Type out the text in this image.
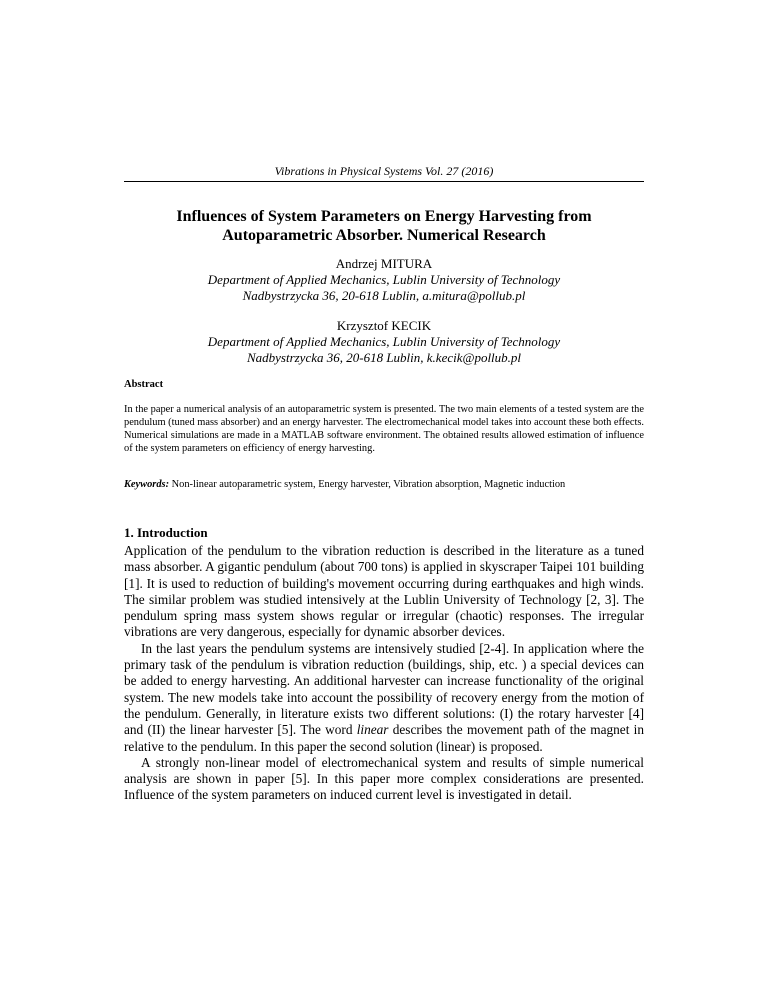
Vibrations in Physical Systems Vol. 27 (2016)
Influences of System Parameters on Energy Harvesting from
Autoparametric Absorber. Numerical Research
Andrzej MITURA
Department of Applied Mechanics, Lublin University of Technology
Nadbystrzycka 36, 20-618 Lublin, a.mitura@pollub.pl
Krzysztof KECIK
Department of Applied Mechanics, Lublin University of Technology
Nadbystrzycka 36, 20-618 Lublin, k.kecik@pollub.pl
Abstract
In the paper a numerical analysis of an autoparametric system is presented. The two main elements of a tested system are the pendulum (tuned mass absorber) and an energy harvester. The electromechanical model takes into account these both effects. Numerical simulations are made in a MATLAB software environment. The obtained results allowed estimation of influence of the system parameters on efficiency of energy harvesting.
Keywords: Non-linear autoparametric system, Energy harvester, Vibration absorption, Magnetic induction
1. Introduction

Application of the pendulum to the vibration reduction is described in the literature as a tuned mass absorber. A gigantic pendulum (about 700 tons) is applied in skyscraper Taipei 101 building [1]. It is used to reduction of building's movement occurring during earthquakes and high winds. The similar problem was studied intensively at the Lublin University of Technology [2, 3]. The pendulum spring mass system shows regular or irregular (chaotic) responses. The irregular vibrations are very dangerous, especially for dynamic absorber devices.

In the last years the pendulum systems are intensively studied [2-4]. In application where the primary task of the pendulum is vibration reduction (buildings, ship, etc. ) a special devices can be added to energy harvesting. An additional harvester can increase functionality of the original system. The new models take into account the possibility of recovery energy from the motion of the pendulum. Generally, in literature exists two different solutions: (I) the rotary harvester [4] and (II) the linear harvester [5]. The word linear describes the movement path of the magnet in relative to the pendulum. In this paper the second solution (linear) is proposed.

A strongly non-linear model of electromechanical system and results of simple numerical analysis are shown in paper [5]. In this paper more complex considerations are presented. Influence of the system parameters on induced current level is investigated in detail.
